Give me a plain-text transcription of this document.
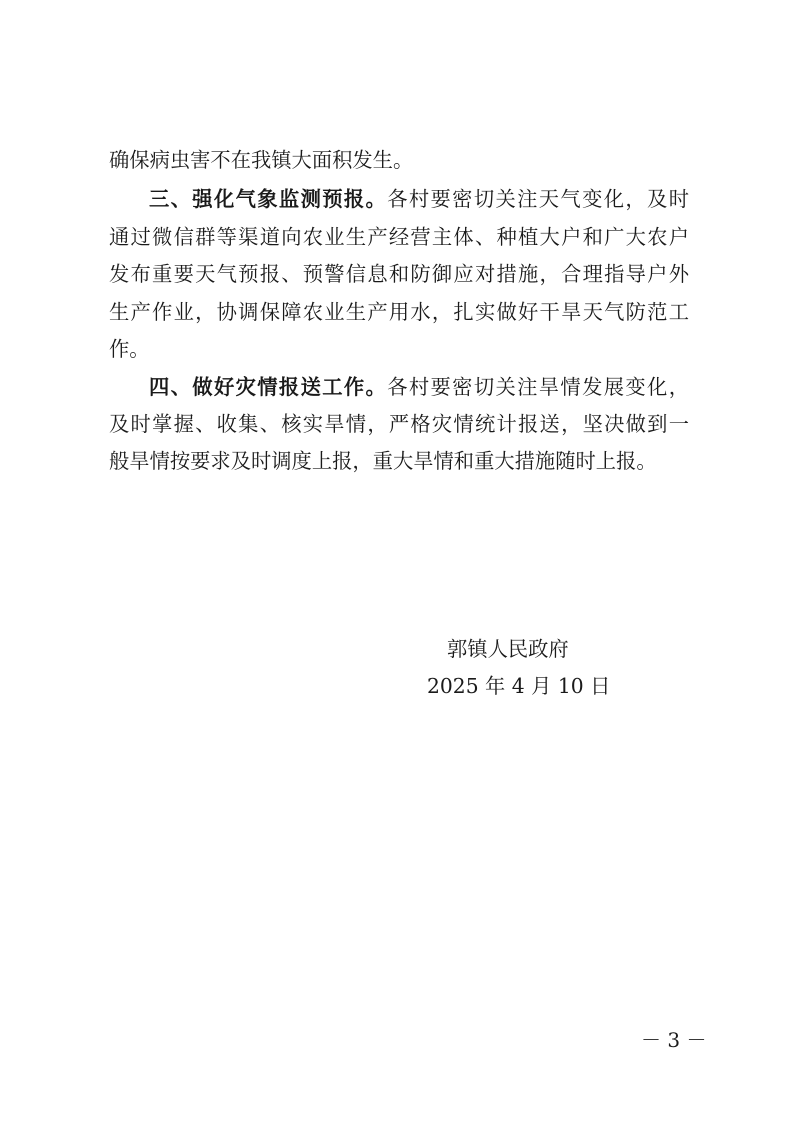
确保病虫害不在我镇大面积发生。
三、强化气象监测预报。各村要密切关注天气变化，及时
通过微信群等渠道向农业生产经营主体、种植大户和广大农户
发布重要天气预报、预警信息和防御应对措施，合理指导户外
生产作业，协调保障农业生产用水，扎实做好干旱天气防范工
作。
四、做好灾情报送工作。各村要密切关注旱情发展变化，
及时掌握、收集、核实旱情，严格灾情统计报送，坚决做到一
般旱情按要求及时调度上报，重大旱情和重大措施随时上报。
郭镇人民政府
2025 年 4 月 10 日
－ 3 －
